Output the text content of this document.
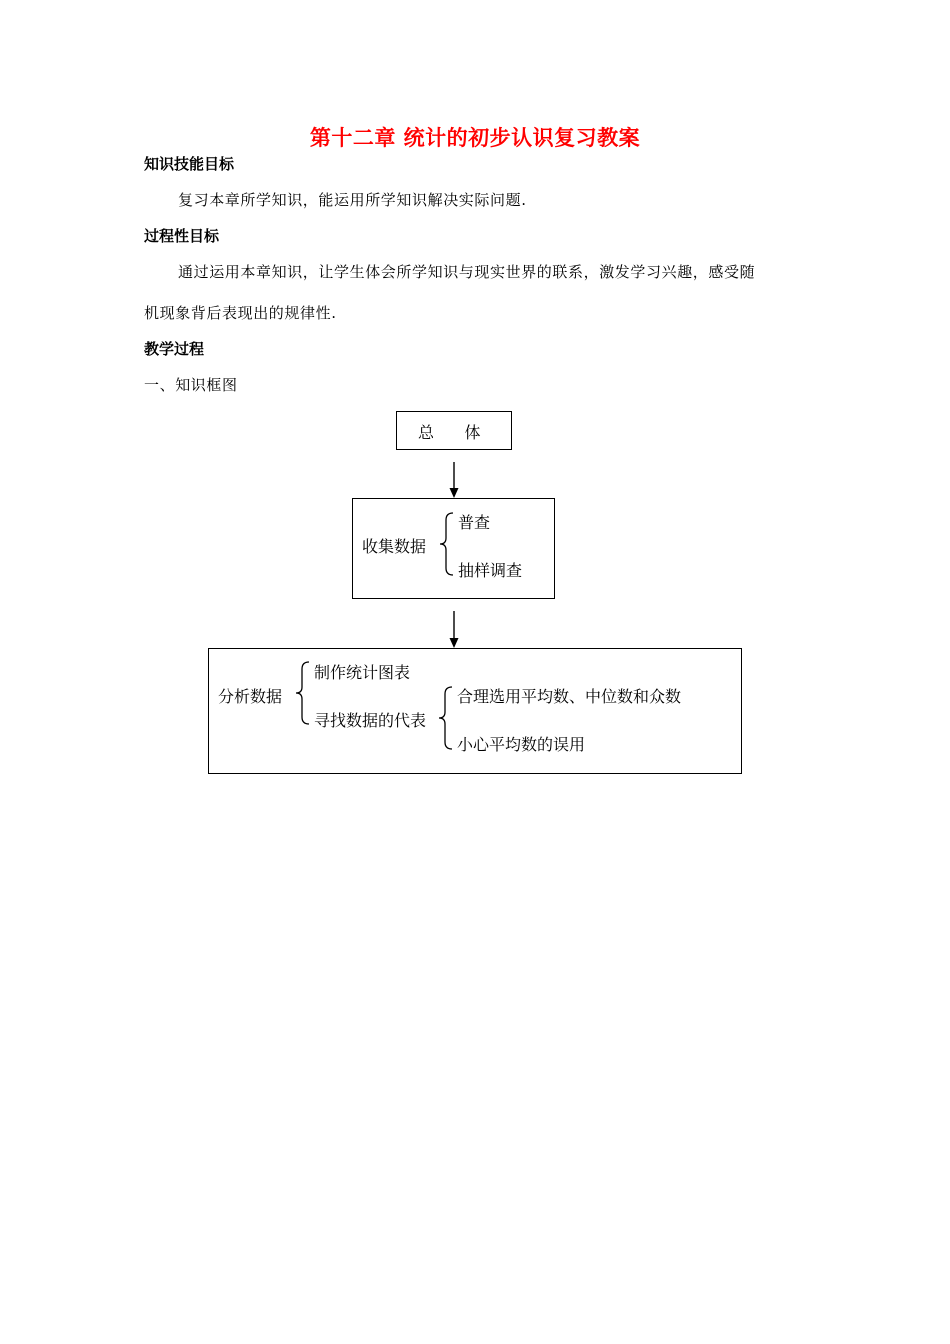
第十二章 统计的初步认识复习教案
知识技能目标
复习本章所学知识，能运用所学知识解决实际问题.
过程性目标
通过运用本章知识，让学生体会所学知识与现实世界的联系，激发学习兴趣，感受随
机现象背后表现出的规律性.
教学过程
一、知识框图
总      体
收集数据
普查
抽样调查
分析数据
制作统计图表
寻找数据的代表
合理选用平均数、中位数和众数
小心平均数的误用
